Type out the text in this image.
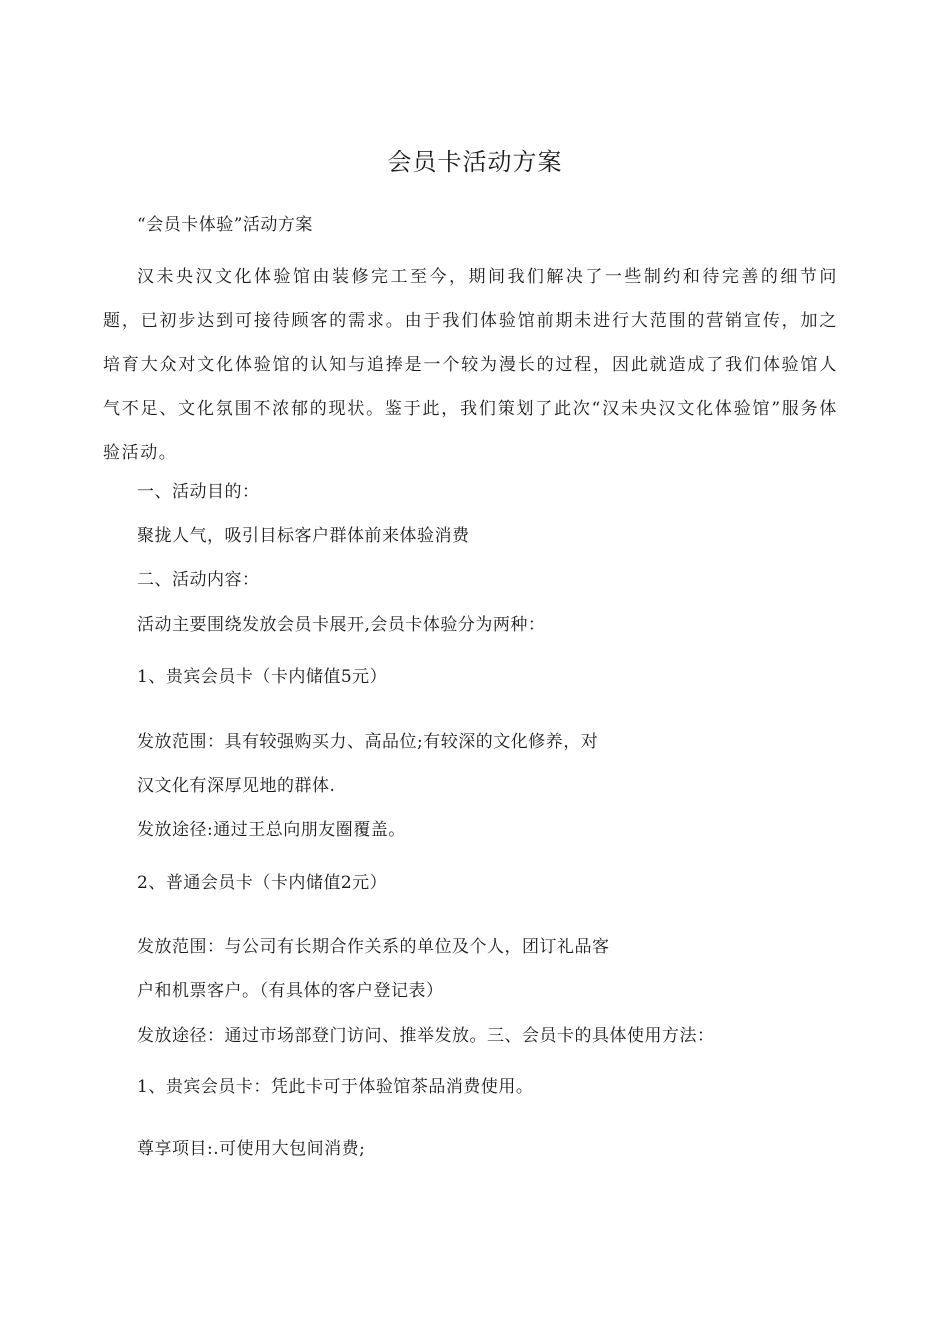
会员卡活动方案
“会员卡体验”活动方案
汉未央汉文化体验馆由装修完工至今，期间我们解决了一些制约和待完善的细节问题，已初步达到可接待顾客的需求。由于我们体验馆前期未进行大范围的营销宣传，加之培育大众对文化体验馆的认知与追捧是一个较为漫长的过程，因此就造成了我们体验馆人气不足、文化氛围不浓郁的现状。鉴于此，我们策划了此次“汉未央汉文化体验馆”服务体验活动。
一、活动目的：
聚拢人气，吸引目标客户群体前来体验消费
二、活动内容：
活动主要围绕发放会员卡展开,会员卡体验分为两种：
1、贵宾会员卡（卡内储值5元）
发放范围：具有较强购买力、高品位;有较深的文化修养，对
汉文化有深厚见地的群体.
发放途径:通过王总向朋友圈覆盖。
2、普通会员卡（卡内储值2元）
发放范围：与公司有长期合作关系的单位及个人，团订礼品客
户和机票客户。（有具体的客户登记表）
发放途径：通过市场部登门访问、推举发放。三、会员卡的具体使用方法：
1、贵宾会员卡：凭此卡可于体验馆茶品消费使用。
尊享项目:.可使用大包间消费;
